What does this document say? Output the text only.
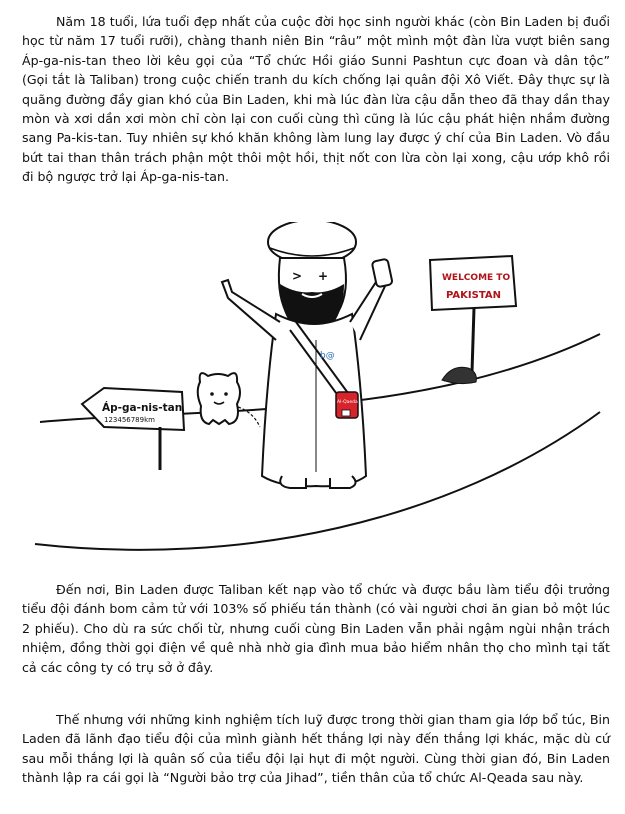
Năm 18 tuổi, lứa tuổi đẹp nhất của cuộc đời học sinh người khác (còn Bin Laden bị đuổi học từ năm 17 tuổi rưỡi), chàng thanh niên Bin “râu” một mình một đàn lừa vượt biên sang Áp-ga-nis-tan theo lời kêu gọi của “Tổ chức Hồi giáo Sunni Pashtun cực đoan và dân tộc” (Gọi tắt là Taliban) trong cuộc chiến tranh du kích chống lại quân đội Xô Viết. Đây thực sự là quãng đường đầy gian khó của Bin Laden, khi mà lúc đàn lừa cậu dẫn theo đã thay dần thay mòn và xơi dần xơi mòn chỉ còn lại con cuối cùng thì cũng là lúc cậu phát hiện nhầm đường sang Pa-kis-tan. Tuy nhiên sự khó khăn không làm lung lay được ý chí của Bin Laden. Vò đầu bứt tai than thân trách phận một thôi một hồi, thịt nốt con lừa còn lại xong, cậu ướp khô rồi đi bộ ngược trở lại Áp-ga-nis-tan.

Áp-ga-nis-tan
123456789km
> +
b@
Al-Qaeda
WELCOME TO
PAKISTAN

Đến nơi, Bin Laden được Taliban kết nạp vào tổ chức và được bầu làm tiểu đội trưởng tiểu đội đánh bom cảm tử với 103% số phiếu tán thành (có vài người chơi ăn gian bỏ một lúc 2 phiếu). Cho dù ra sức chối từ, nhưng cuối cùng Bin Laden vẫn phải ngậm ngùi nhận trách nhiệm, đồng thời gọi điện về quê nhà nhờ gia đình mua bảo hiểm nhân thọ cho mình tại tất cả các công ty có trụ sở ở đây.

Thế nhưng với những kinh nghiệm tích luỹ được trong thời gian tham gia lớp bổ túc, Bin Laden đã lãnh đạo tiểu đội của mình giành hết thắng lợi này đến thắng lợi khác, mặc dù cứ sau mỗi thắng lợi là quân số của tiểu đội lại hụt đi một người. Cùng thời gian đó, Bin Laden thành lập ra cái gọi là “Người bảo trợ của Jihad”, tiền thân của tổ chức Al-Qeada sau này.
